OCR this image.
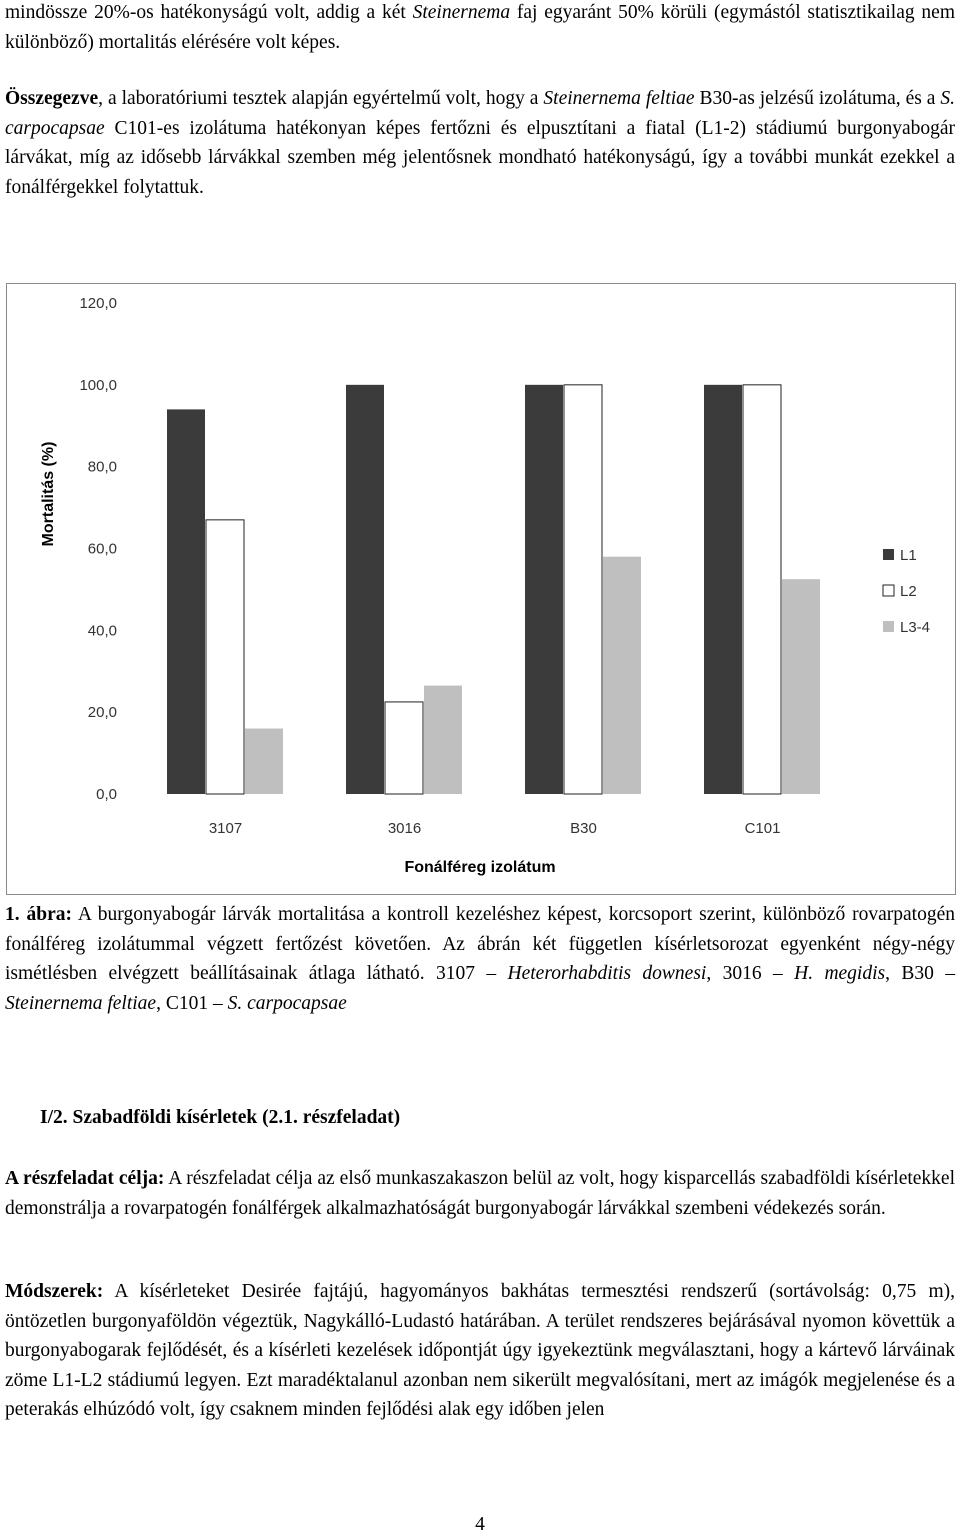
mindössze 20%-os hatékonyságú volt, addig a két Steinernema faj egyaránt 50% körüli (egymástól statisztikailag nem különböző) mortalitás elérésére volt képes.

Összegezve, a laboratóriumi tesztek alapján egyértelmű volt, hogy a Steinernema feltiae B30-as jelzésű izolátuma, és a S. carpocapsae C101-es izolátuma hatékonyan képes fertőzni és elpusztítani a fiatal (L1-2) stádiumú burgonyabogár lárvákat, míg az idősebb lárvákkal szemben még jelentősnek mondható hatékonyságú, így a további munkát ezekkel a fonálférgekkel folytattuk.

0,0
20,0
40,0
60,0
80,0
100,0
120,0
3107	3016	B30	C101
L1
L2
L3-4
Mortalitás (%)
Fonálféreg izolátum

1. ábra: A burgonyabogár lárvák mortalitása a kontroll kezeléshez képest, korcsoport szerint, különböző rovarpatogén fonálféreg izolátummal végzett fertőzést követően. Az ábrán két független kísérletsorozat egyenként négy-négy ismétlésben elvégzett beállításainak átlaga látható. 3107 – Heterorhabditis downesi, 3016 – H. megidis, B30 – Steinernema feltiae, C101 – S. carpocapsae

I/2. Szabadföldi kísérletek (2.1. részfeladat)

A részfeladat célja: A részfeladat célja az első munkaszakaszon belül az volt, hogy kisparcellás szabadföldi kísérletekkel demonstrálja a rovarpatogén fonálférgek alkalmazhatóságát burgonyabogár lárvákkal szembeni védekezés során.

Módszerek: A kísérleteket Desirée fajtájú, hagyományos bakhátas termesztési rendszerű (sortávolság: 0,75 m), öntözetlen burgonyaföldön végeztük, Nagykálló-Ludastó határában. A terület rendszeres bejárásával nyomon követtük a burgonyabogarak fejlődését, és a kísérleti kezelések időpontját úgy igyekeztünk megválasztani, hogy a kártevő lárváinak zöme L1-L2 stádiumú legyen. Ezt maradéktalanul azonban nem sikerült megvalósítani, mert az imágók megjelenése és a peterakás elhúzódó volt, így csaknem minden fejlődési alak egy időben jelen

4
